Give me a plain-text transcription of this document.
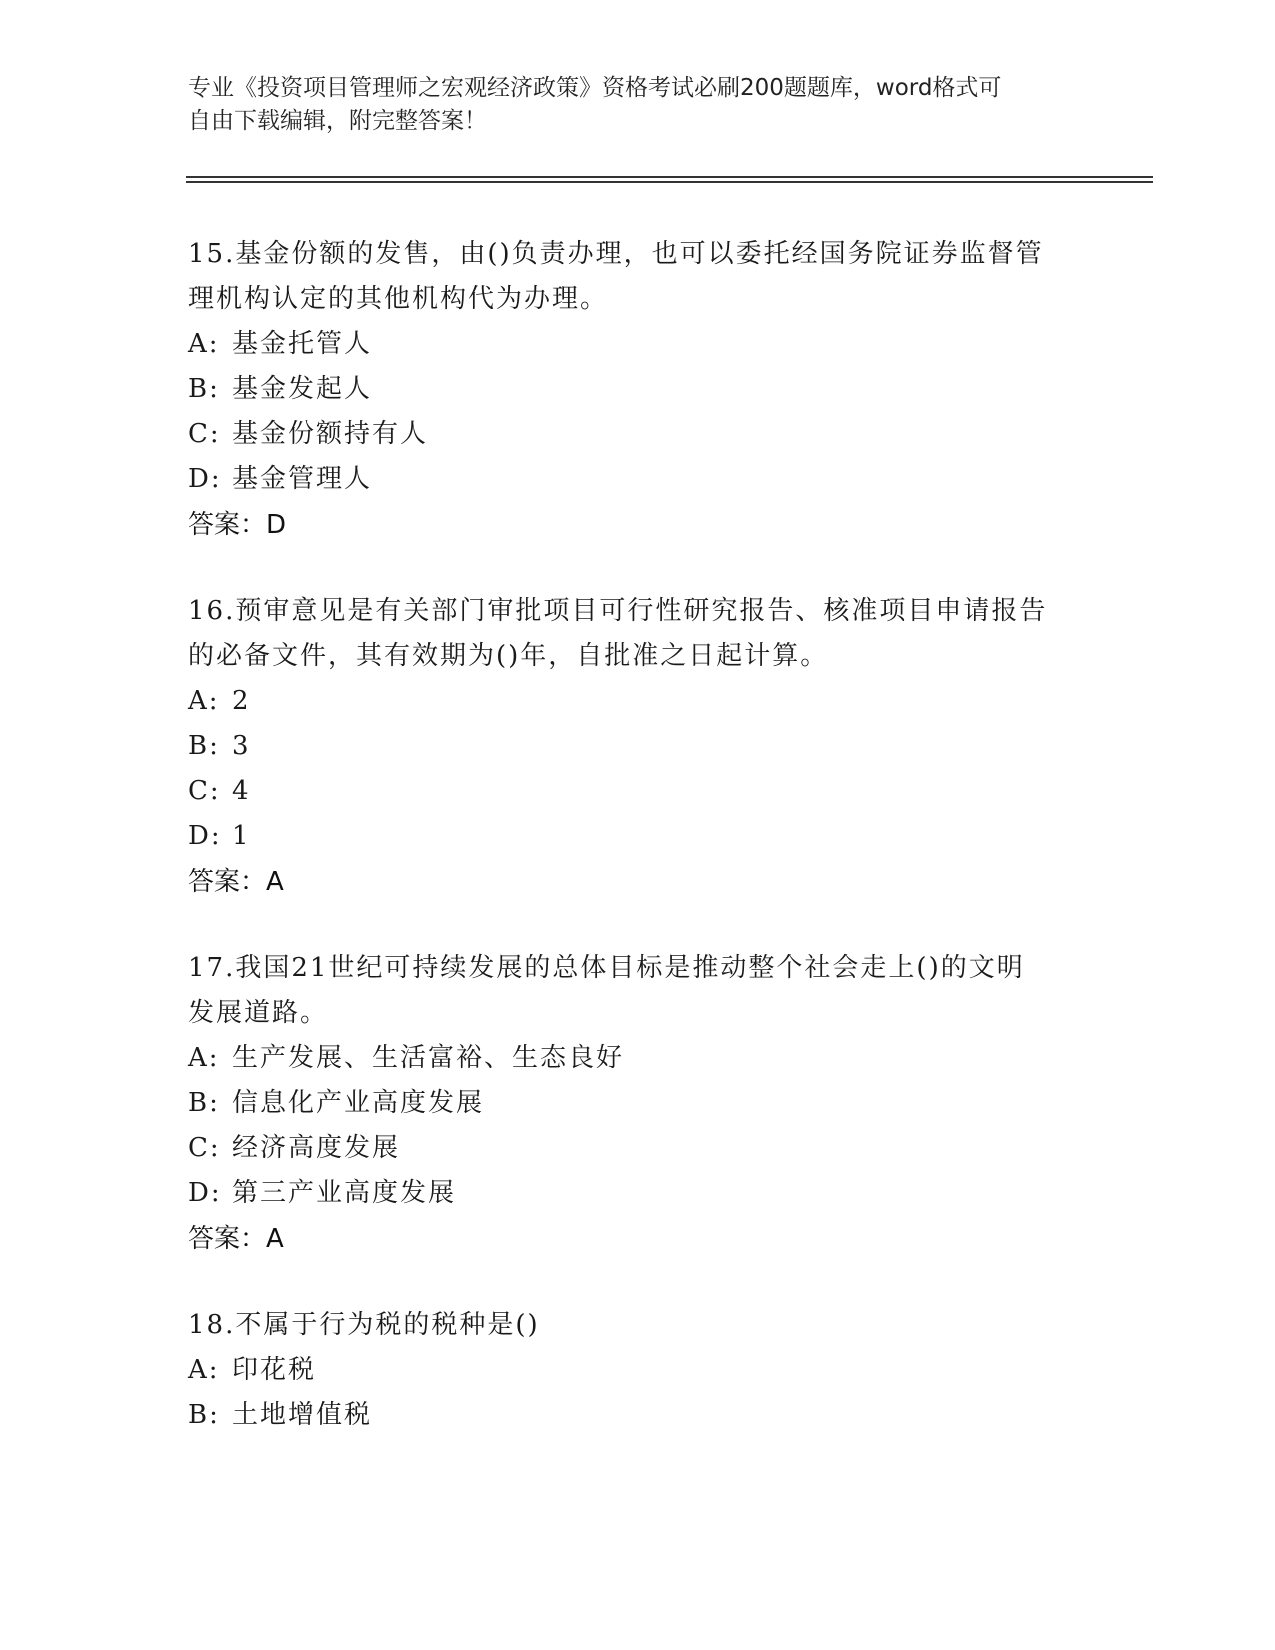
专业《投资项目管理师之宏观经济政策》资格考试必刷200题题库，word格式可
自由下载编辑，附完整答案！

15.基金份额的发售，由()负责办理，也可以委托经国务院证券监督管

理机构认定的其他机构代为办理。

A: 基金托管人

B: 基金发起人

C: 基金份额持有人

D: 基金管理人

答案：D

16.预审意见是有关部门审批项目可行性研究报告、核准项目申请报告

的必备文件，其有效期为()年，自批准之日起计算。

A: 2

B: 3

C: 4

D: 1

答案：A

17.我国21世纪可持续发展的总体目标是推动整个社会走上()的文明

发展道路。

A: 生产发展、生活富裕、生态良好

B: 信息化产业高度发展

C: 经济高度发展

D: 第三产业高度发展

答案：A

18.不属于行为税的税种是()

A: 印花税

B: 土地增值税
